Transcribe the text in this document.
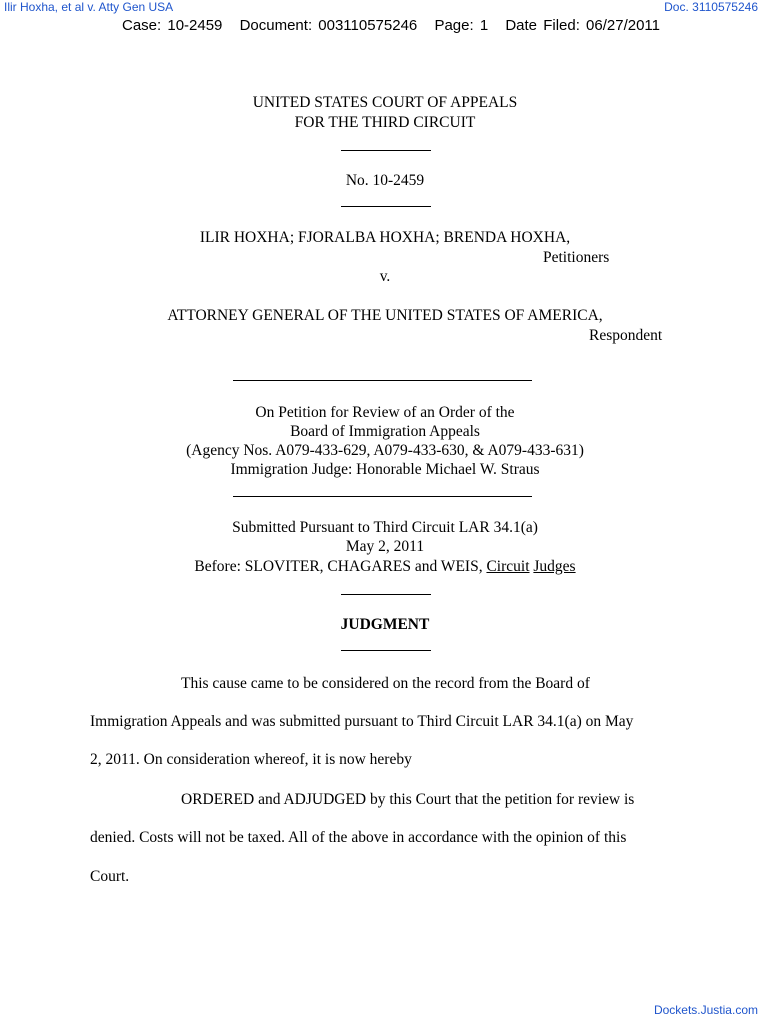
Ilir Hoxha, et al v. Atty Gen USA	Doc. 3110575246
Case: 10-2459 Document: 003110575246 Page: 1 Date Filed: 06/27/2011
UNITED STATES COURT OF APPEALS
FOR THE THIRD CIRCUIT
No. 10-2459
ILIR HOXHA; FJORALBA HOXHA; BRENDA HOXHA,
Petitioners
v.
ATTORNEY GENERAL OF THE UNITED STATES OF AMERICA,
Respondent
On Petition for Review of an Order of the
Board of Immigration Appeals
(Agency Nos. A079-433-629, A079-433-630, & A079-433-631)
Immigration Judge: Honorable Michael W. Straus
Submitted Pursuant to Third Circuit LAR 34.1(a)
May 2, 2011
Before: SLOVITER, CHAGARES and WEIS, Circuit Judges
JUDGMENT
This cause came to be considered on the record from the Board of
Immigration Appeals and was submitted pursuant to Third Circuit LAR 34.1(a) on May
2, 2011. On consideration whereof, it is now hereby
ORDERED and ADJUDGED by this Court that the petition for review is
denied. Costs will not be taxed. All of the above in accordance with the opinion of this
Court.
Dockets.Justia.com
